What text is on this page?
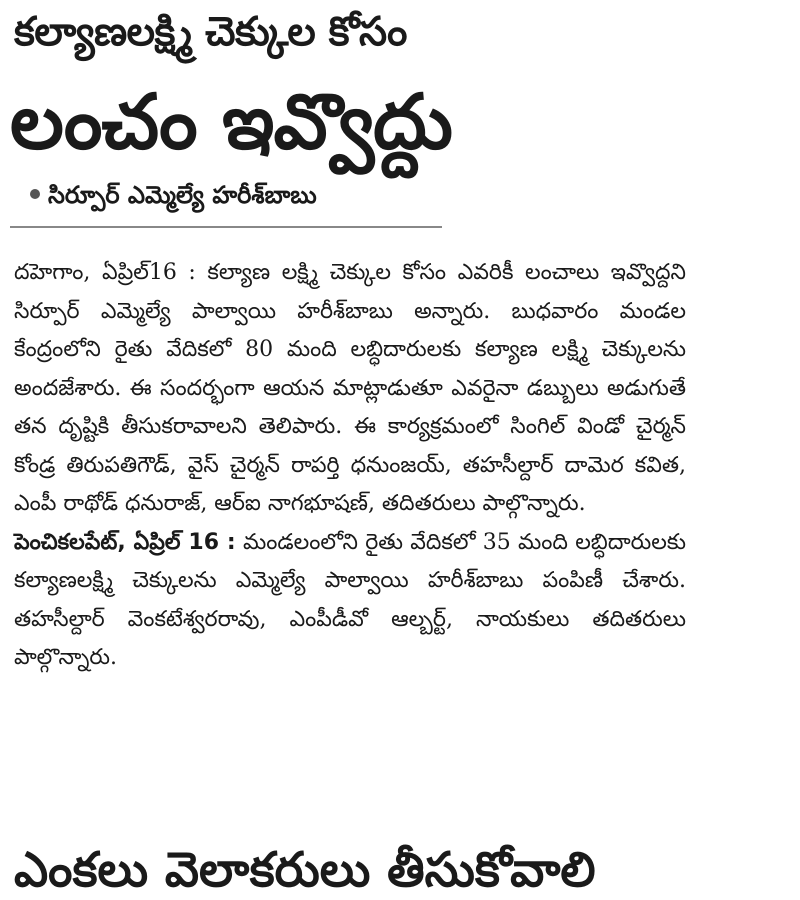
కల్యాణలక్ష్మి చెక్కుల కోసం
లంచం ఇవ్వొద్దు
సిర్పూర్ ఎమ్మెల్యే హరీశ్‌బాబు

దహెగాం, ఏప్రిల్16 : కల్యాణ లక్ష్మి చెక్కుల కోసం ఎవరికీ లంచాలు ఇవ్వొద్దని సిర్పూర్ ఎమ్మెల్యే పాల్వాయి హరీశ్‌బాబు అన్నారు. బుధవారం మండల కేంద్రంలోని రైతు వేదికలో 80 మంది లబ్ధిదారులకు కల్యాణ లక్ష్మి చెక్కులను అందజేశారు. ఈ సందర్భంగా ఆయన మాట్లాడుతూ ఎవరైనా డబ్బులు అడుగుతే తన దృష్టికి తీసుకరావాలని తెలిపారు. ఈ కార్యక్రమంలో సింగిల్ విండో చైర్మన్ కోండ్ర తిరుపతిగౌడ్, వైస్ చైర్మన్ రాపర్తి ధనుంజయ్, తహసీల్దార్ దామెర కవిత, ఎంపీ రాథోడ్ ధనురాజ్, ఆర్ఐ నాగభూషణ్, తదితరులు పాల్గొన్నారు.

పెంచికలపేట్, ఏప్రిల్ 16 : మండలంలోని రైతు వేదికలో 35 మంది లబ్ధిదారులకు కల్యాణలక్ష్మి చెక్కులను ఎమ్మెల్యే పాల్వాయి హరీశ్‌బాబు పంపిణీ చేశారు. తహసీల్దార్ వెంకటేశ్వరరావు, ఎంపీడీవో ఆల్బర్ట్, నాయకులు తదితరులు పాల్గొన్నారు.

ఎంకలు వెలాకరులు తీసుకోవాలి
